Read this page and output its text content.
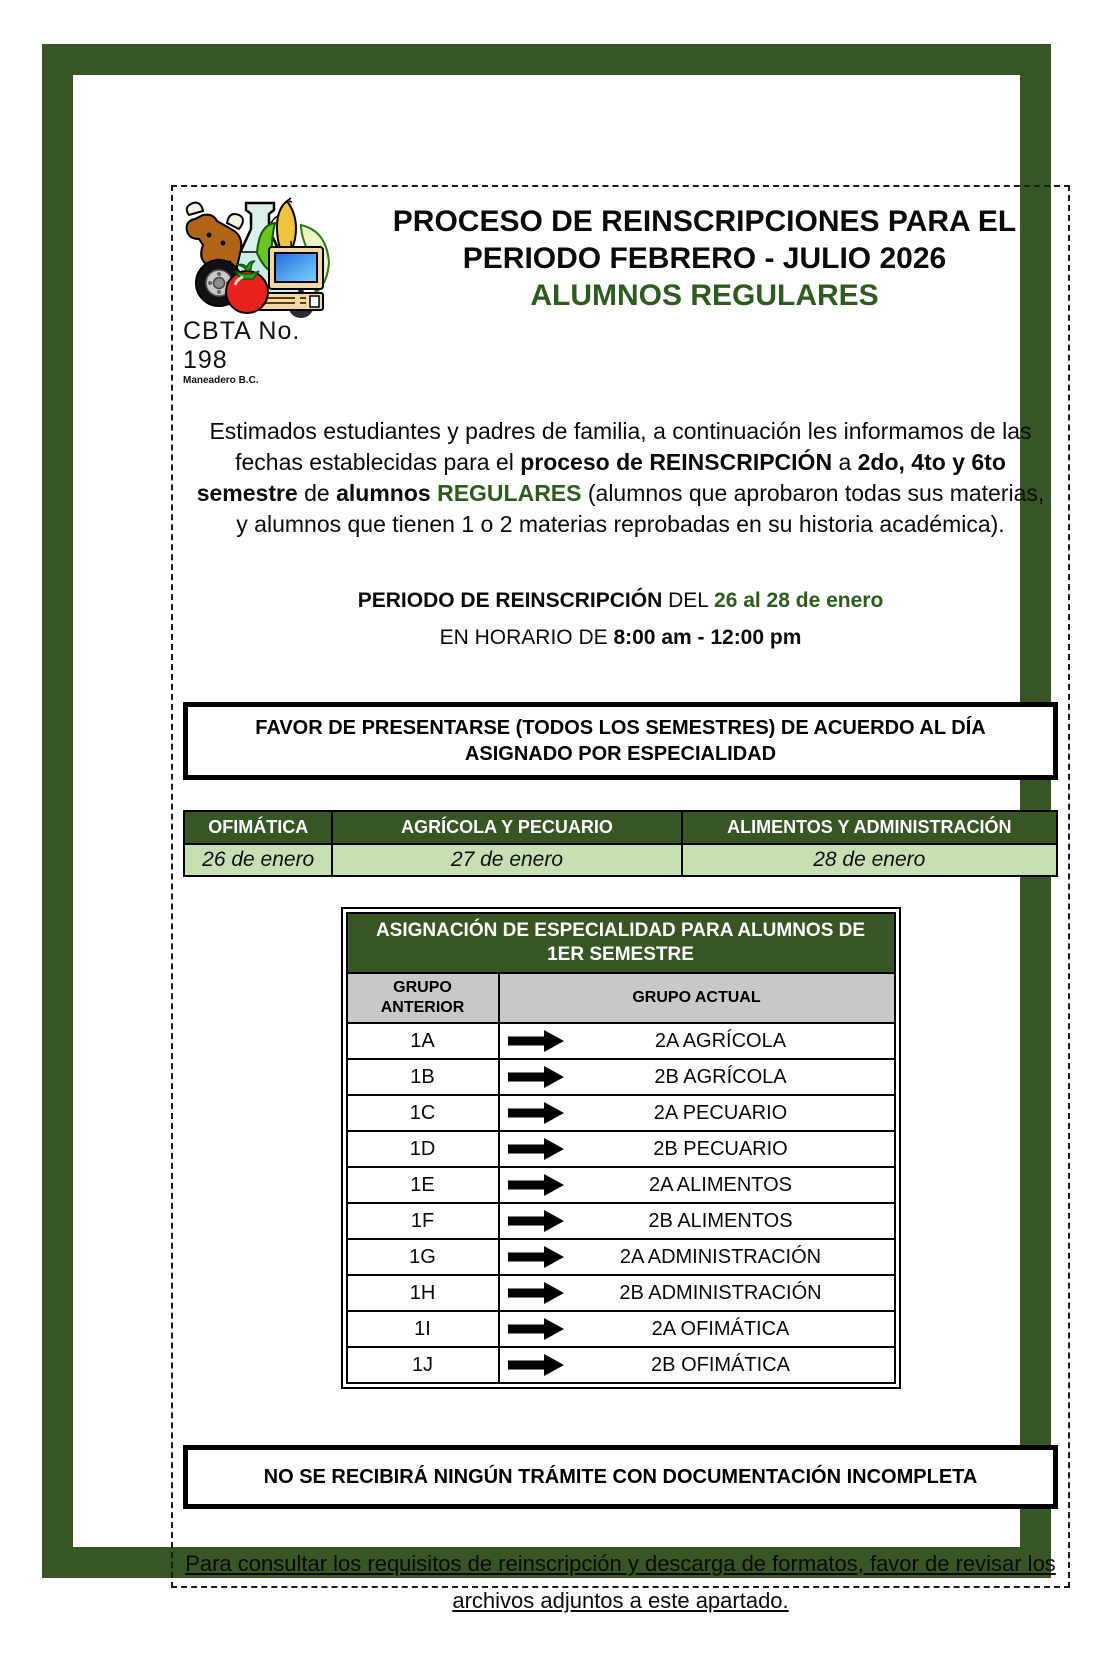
CBTA No. 198
Maneadero B.C.
PROCESO DE REINSCRIPCIONES PARA EL
PERIODO FEBRERO - JULIO 2026
ALUMNOS REGULARES

Estimados estudiantes y padres de familia, a continuación les informamos de las fechas establecidas para el proceso de REINSCRIPCIÓN a 2do, 4to y 6to semestre de alumnos REGULARES (alumnos que aprobaron todas sus materias, y alumnos que tienen 1 o 2 materias reprobadas en su historia académica).

PERIODO DE REINSCRIPCIÓN DEL 26 al 28 de enero
EN HORARIO DE 8:00 am - 12:00 pm
FAVOR DE PRESENTARSE (TODOS LOS SEMESTRES) DE ACUERDO AL DÍA ASIGNADO POR ESPECIALIDAD
OFIMÁTICA	AGRÍCOLA Y PECUARIO	ALIMENTOS Y ADMINISTRACIÓN
26 de enero	27 de enero	28 de enero
ASIGNACIÓN DE ESPECIALIDAD PARA ALUMNOS DE 1ER SEMESTRE	
GRUPO ANTERIOR	GRUPO ACTUAL
1A	2A AGRÍCOLA

1B	2B AGRÍCOLA

1C	2A PECUARIO

1D	2B PECUARIO

1E	2A ALIMENTOS

1F	2B ALIMENTOS

1G	2A ADMINISTRACIÓN

1H	2B ADMINISTRACIÓN

1I	2A OFIMÁTICA

1J	2B OFIMÁTICA
NO SE RECIBIRÁ NINGÚN TRÁMITE CON DOCUMENTACIÓN INCOMPLETA

Para consultar los requisitos de reinscripción y descarga de formatos, favor de revisar los archivos adjuntos a este apartado.
